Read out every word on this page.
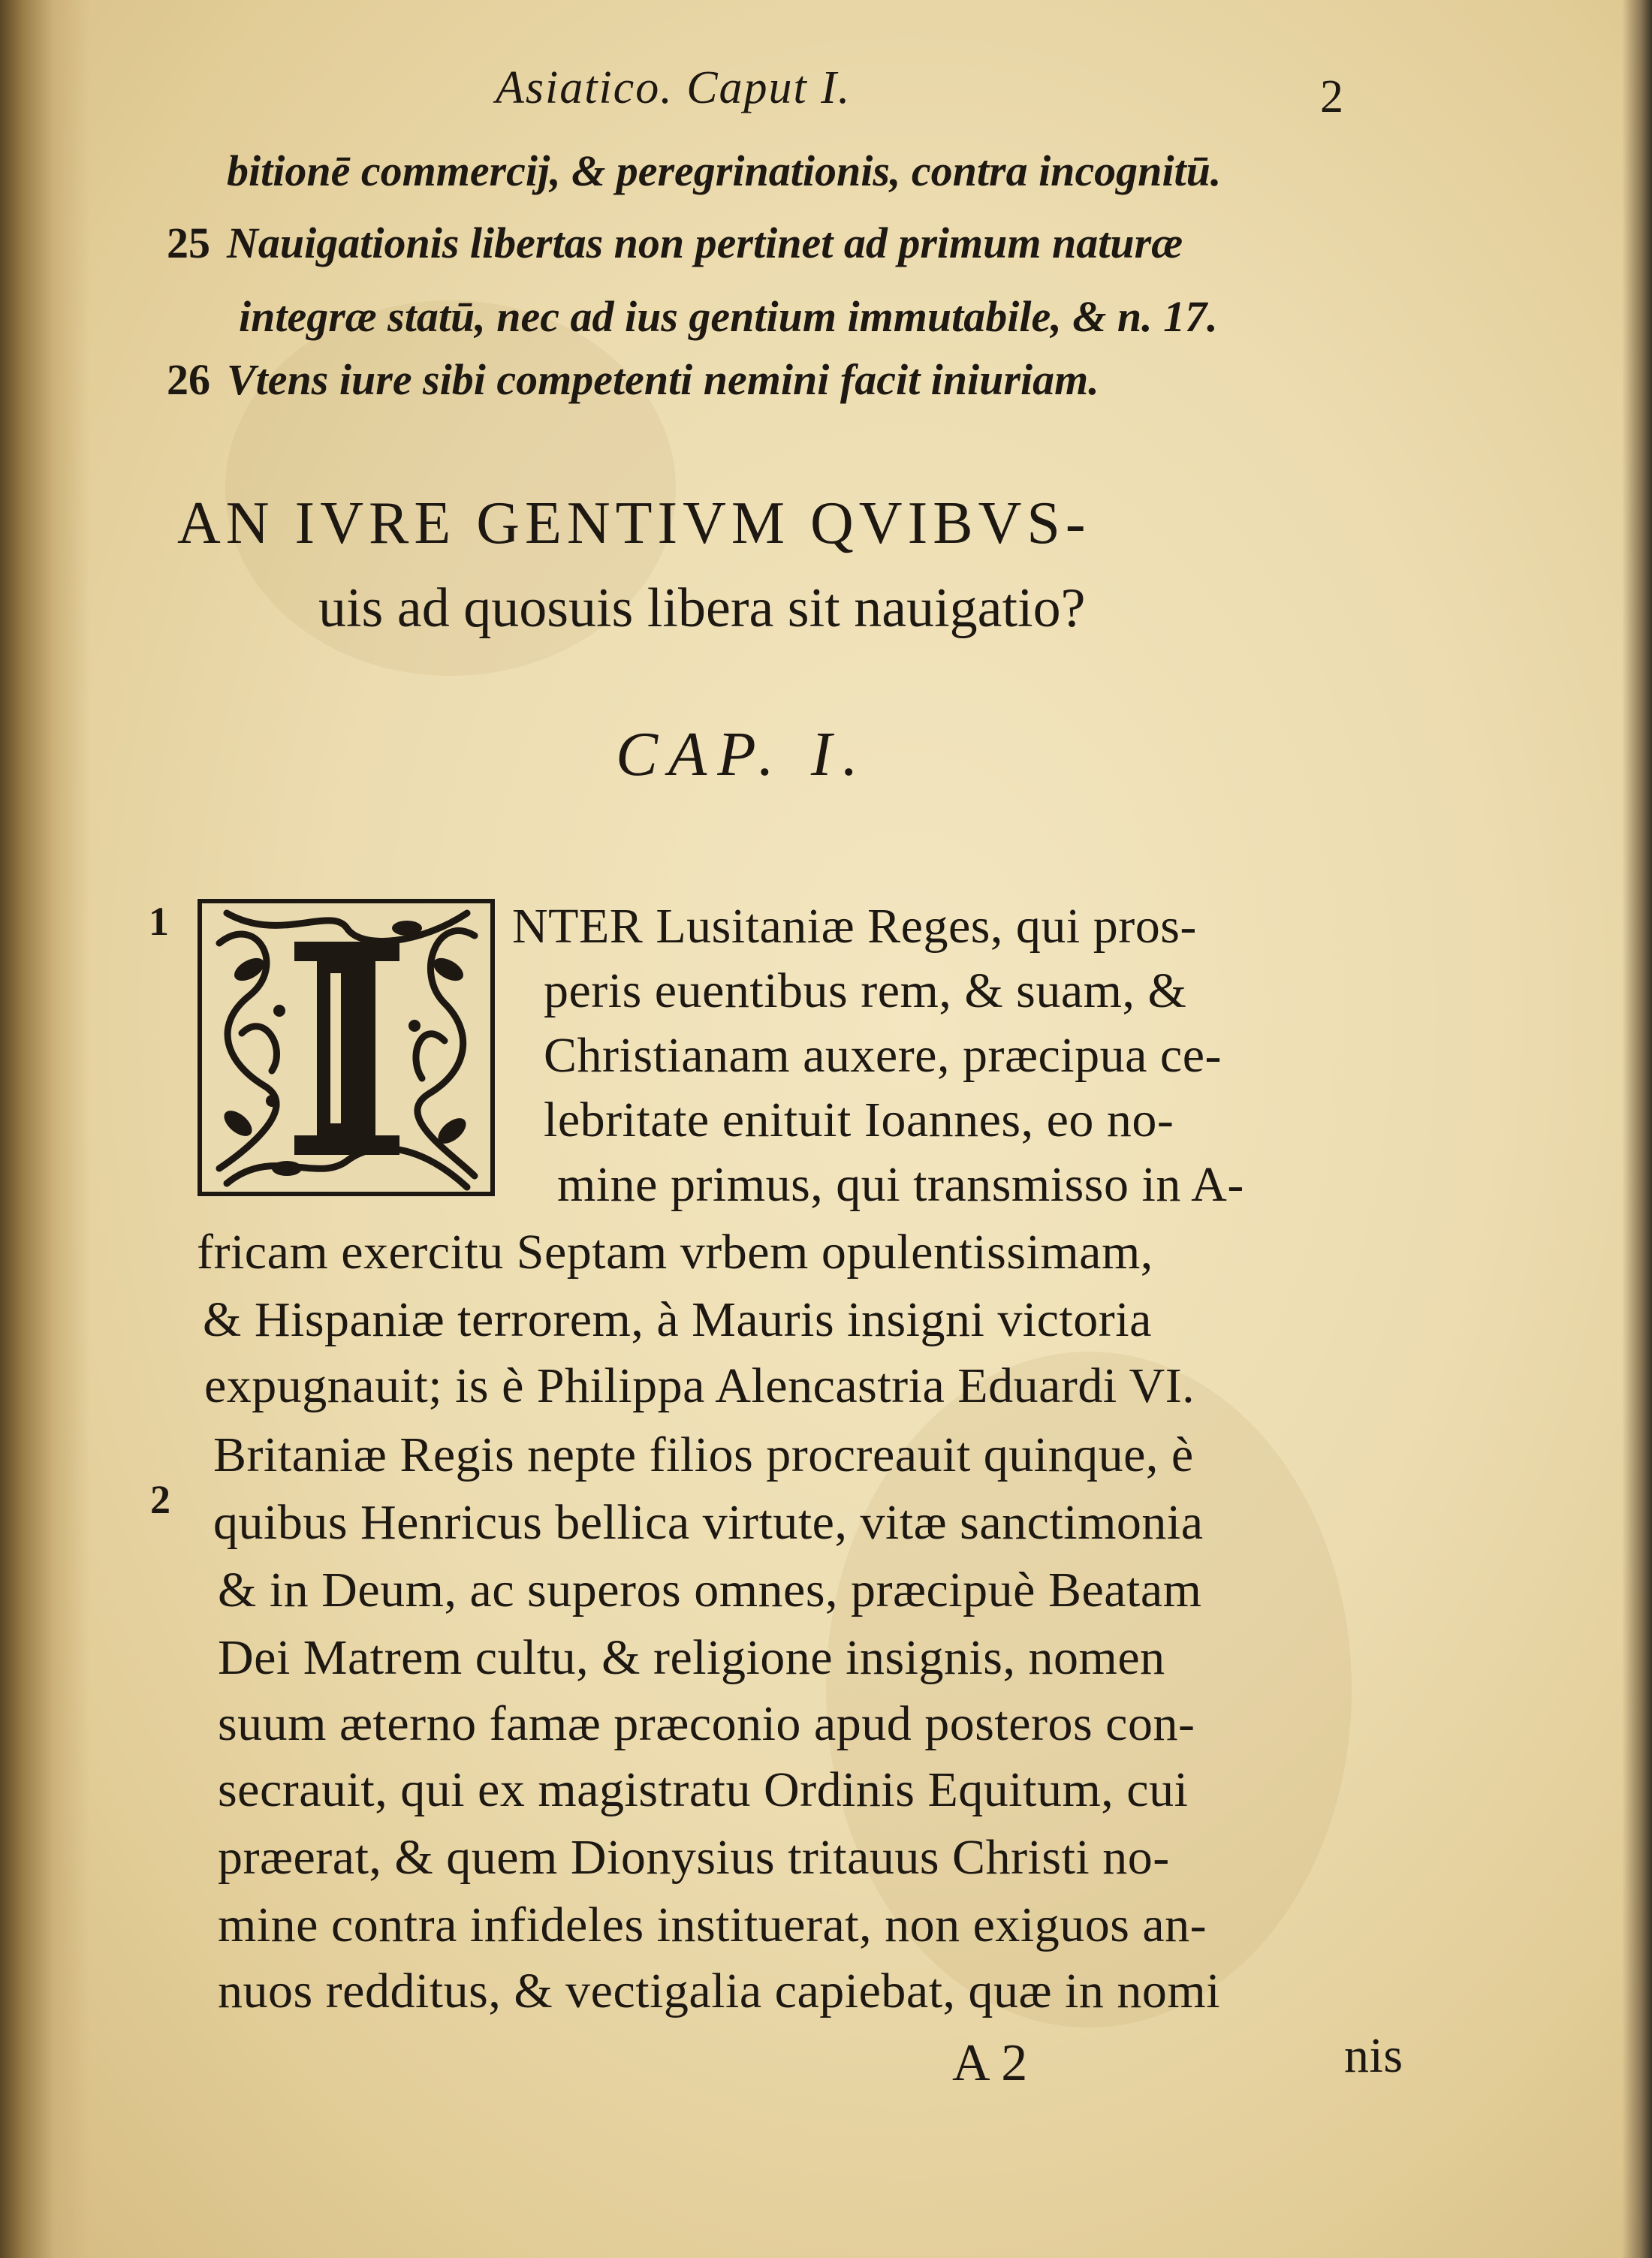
Asiatico. Caput I.	2
bitionē commercij, & peregrinationis, contra incognitū.
25 Nauigationis libertas non pertinet ad primum naturæ
integræ statū, nec ad ius gentium immutabile, & n. 17.
26 Vtens iure sibi competenti nemini facit iniuriam.
AN IVRE GENTIVM QVIBVS-
uis ad quosuis libera sit nauigatio?
CAP. I.
1
2
NTER Lusitaniæ Reges, qui pros-
peris euentibus rem, & suam, &
Christianam auxere, præcipua ce-
lebritate enituit Ioannes, eo no-
mine primus, qui transmisso in A-
fricam exercitu Septam vrbem opulentissimam,
& Hispaniæ terrorem, à Mauris insigni victoria
expugnauit; is è Philippa Alencastria Eduardi VI.
Britaniæ Regis nepte filios procreauit quinque, è
quibus Henricus bellica virtute, vitæ sanctimonia
& in Deum, ac superos omnes, præcipuè Beatam
Dei Matrem cultu, & religione insignis, nomen
suum æterno famæ præconio apud posteros con-
secrauit, qui ex magistratu Ordinis Equitum, cui
præerat, & quem Dionysius tritauus Christi no-
mine contra infideles instituerat, non exiguos an-
nuos redditus, & vectigalia capiebat, quæ in nomi
A 2	nis
